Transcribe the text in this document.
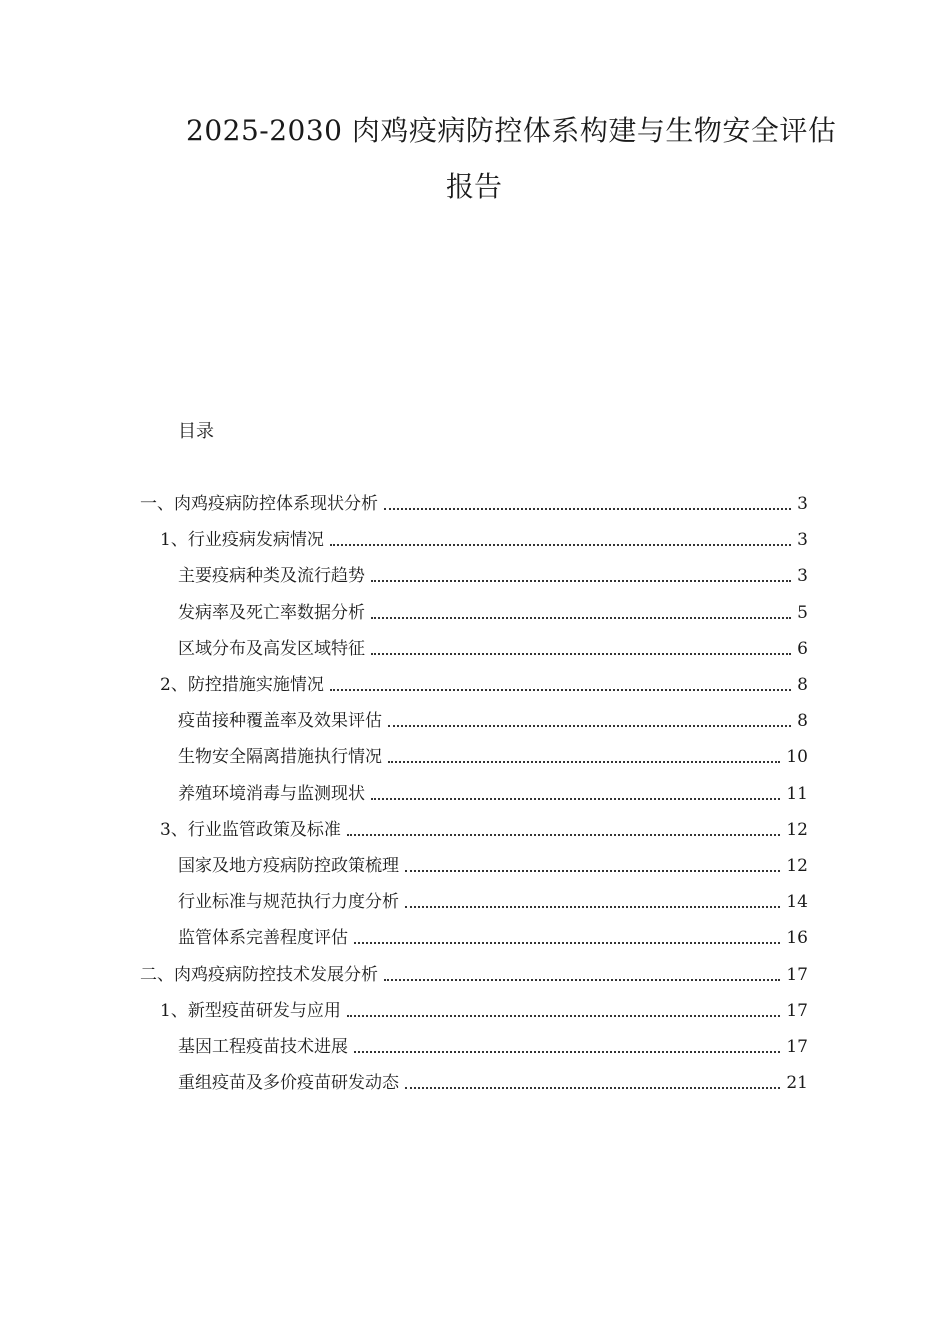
2025-2030 肉鸡疫病防控体系构建与生物安全评估
报告
目录
一、肉鸡疫病防控体系现状分析	3
1、行业疫病发病情况	3
主要疫病种类及流行趋势	3
发病率及死亡率数据分析	5
区域分布及高发区域特征	6
2、防控措施实施情况	8
疫苗接种覆盖率及效果评估	8
生物安全隔离措施执行情况	10
养殖环境消毒与监测现状	11
3、行业监管政策及标准	12
国家及地方疫病防控政策梳理	12
行业标准与规范执行力度分析	14
监管体系完善程度评估	16
二、肉鸡疫病防控技术发展分析	17
1、新型疫苗研发与应用	17
基因工程疫苗技术进展	17
重组疫苗及多价疫苗研发动态	21
